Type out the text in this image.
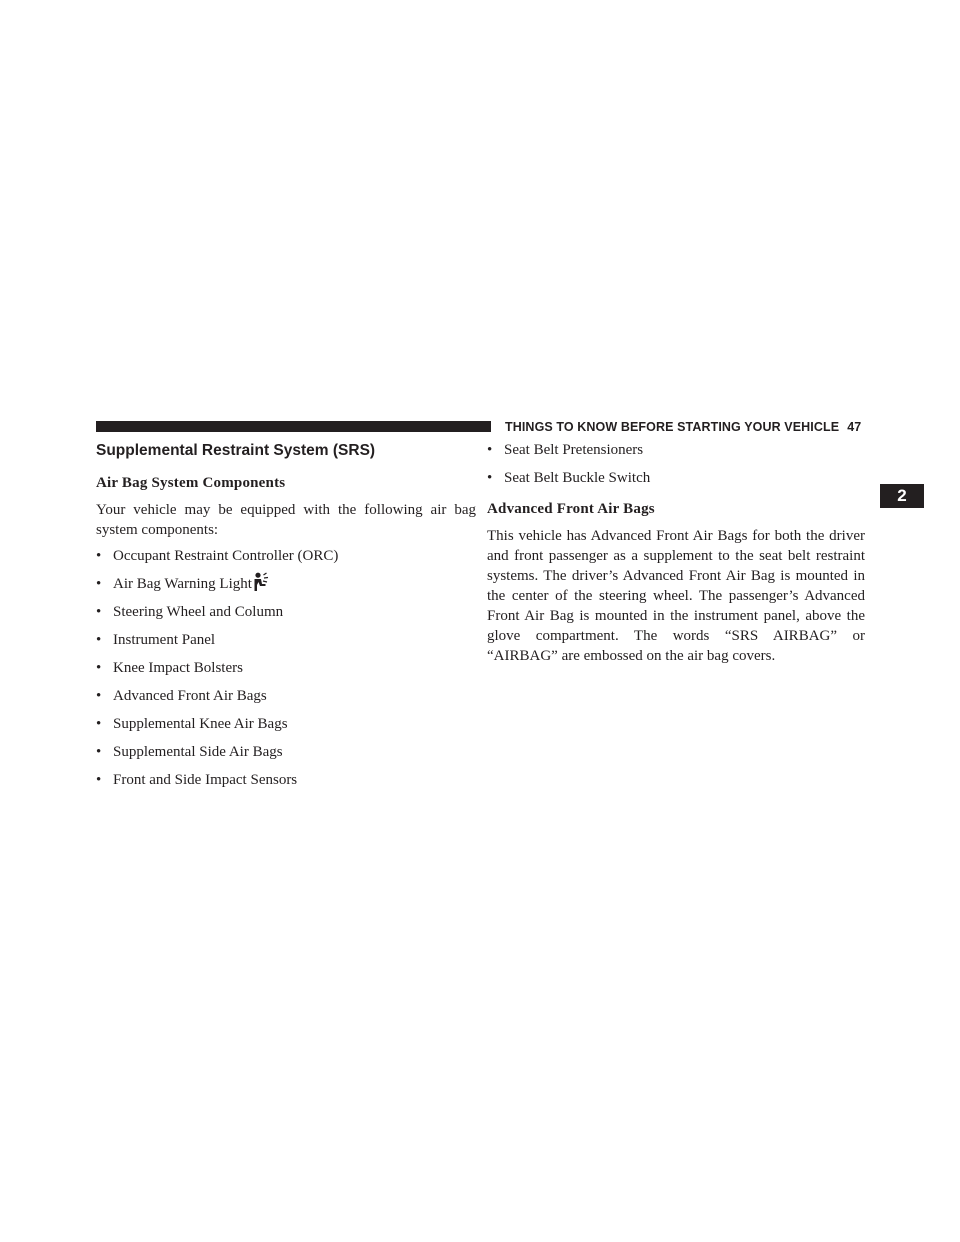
THINGS TO KNOW BEFORE STARTING YOUR VEHICLE 47
2
Supplemental Restraint System (SRS)
Air Bag System Components

Your vehicle may be equipped with the following air bag system components:

• Occupant Restraint Controller (ORC)
• Air Bag Warning Light
• Steering Wheel and Column
• Instrument Panel
• Knee Impact Bolsters
• Advanced Front Air Bags
• Supplemental Knee Air Bags
• Supplemental Side Air Bags
• Front and Side Impact Sensors
• Seat Belt Pretensioners
• Seat Belt Buckle Switch
Advanced Front Air Bags

This vehicle has Advanced Front Air Bags for both the driver and front passenger as a supplement to the seat belt restraint systems. The driver’s Advanced Front Air Bag is mounted in the center of the steering wheel. The passenger’s Advanced Front Air Bag is mounted in the instrument panel, above the glove compartment. The words “SRS AIRBAG” or “AIRBAG” are embossed on the air bag covers.
